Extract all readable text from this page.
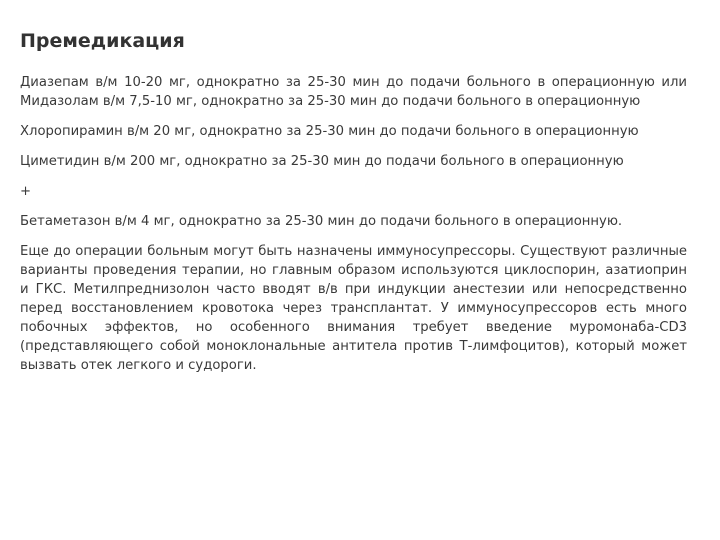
Премедикация

Диазепам в/м 10-20 мг, однократно за 25-30 мин до подачи больного в операционную или Мидазолам в/м 7,5-10 мг, однократно за 25-30 мин до подачи больного в операционную

Хлоропирамин в/м 20 мг, однократно за 25-30 мин до подачи больного в операционную

Циметидин в/м 200 мг, однократно за 25-30 мин до подачи больного в операционную

+

Бетаметазон в/м 4 мг, однократно за 25-30 мин до подачи больного в операционную.

Еще до операции больным могут быть назначены иммуносупрессоры. Существуют различные варианты проведения терапии, но главным образом используются циклоспорин, азатиоприн и ГКС. Метилпреднизолон часто вводят в/в при индукции анестезии или непосредственно перед восстановлением кровотока через трансплантат. У иммуносупрессоров есть много побочных эффектов, но особенного внимания требует введение муромонаба-CD3 (представляющего собой моноклональные антитела против Т-лимфоцитов), который может вызвать отек легкого и судороги.
